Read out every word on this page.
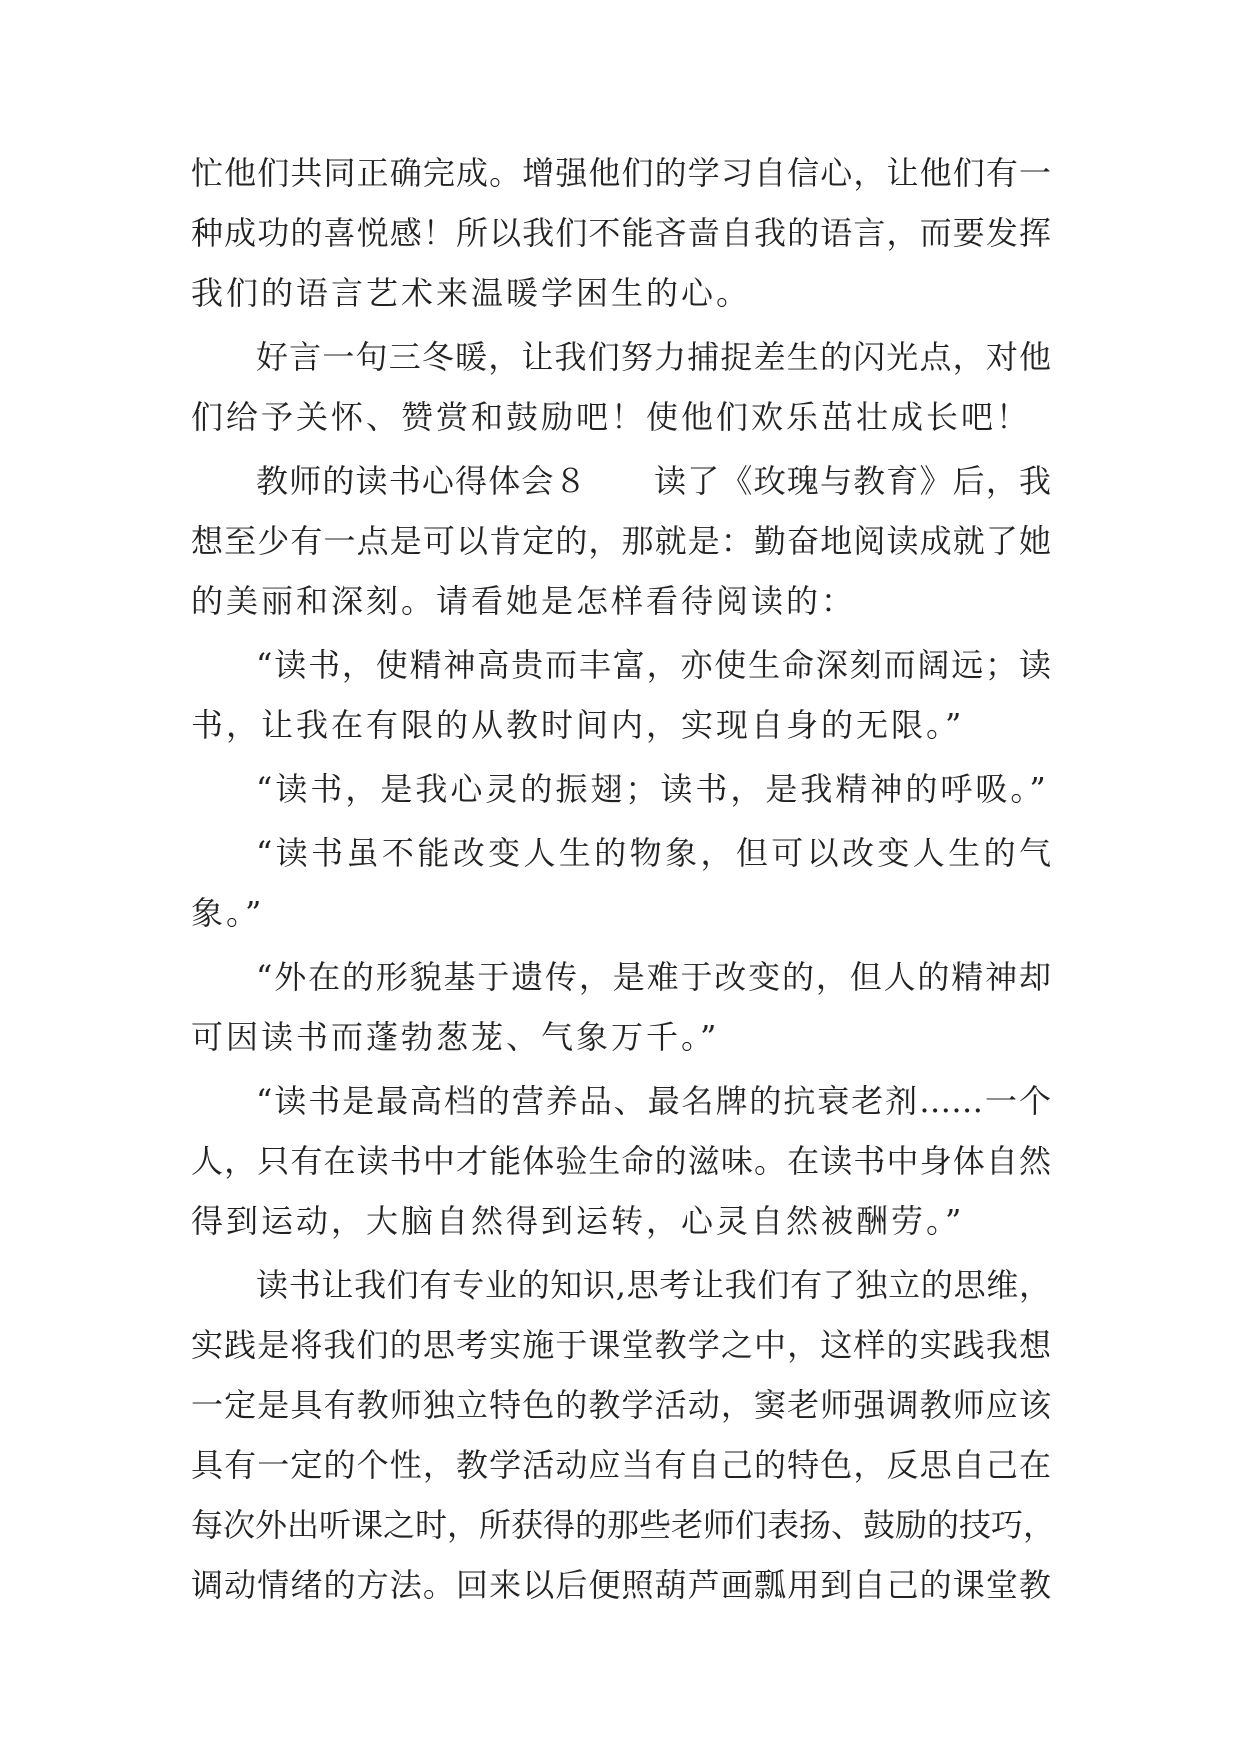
忙他们共同正确完成。增强他们的学习自信心，让他们有一
种成功的喜悦感！所以我们不能吝啬自我的语言，而要发挥
我们的语言艺术来温暖学困生的心。
好言一句三冬暖，让我们努力捕捉差生的闪光点，对他
们给予关怀、赞赏和鼓励吧！使他们欢乐茁壮成长吧！
教师的读书心得体会８　　读了《玫瑰与教育》后，我
想至少有一点是可以肯定的，那就是：勤奋地阅读成就了她
的美丽和深刻。请看她是怎样看待阅读的：
“读书，使精神高贵而丰富，亦使生命深刻而阔远；读
书，让我在有限的从教时间内，实现自身的无限。”
“读书，是我心灵的振翅；读书，是我精神的呼吸。”
“读书虽不能改变人生的物象，但可以改变人生的气
象。”
“外在的形貌基于遗传，是难于改变的，但人的精神却
可因读书而蓬勃葱茏、气象万千。”
“读书是最高档的营养品、最名牌的抗衰老剂……一个
人，只有在读书中才能体验生命的滋味。在读书中身体自然
得到运动，大脑自然得到运转，心灵自然被酬劳。”
读书让我们有专业的知识,思考让我们有了独立的思维，
实践是将我们的思考实施于课堂教学之中，这样的实践我想
一定是具有教师独立特色的教学活动，窦老师强调教师应该
具有一定的个性，教学活动应当有自己的特色，反思自己在
每次外出听课之时，所获得的那些老师们表扬、鼓励的技巧，
调动情绪的方法。回来以后便照葫芦画瓢用到自己的课堂教
